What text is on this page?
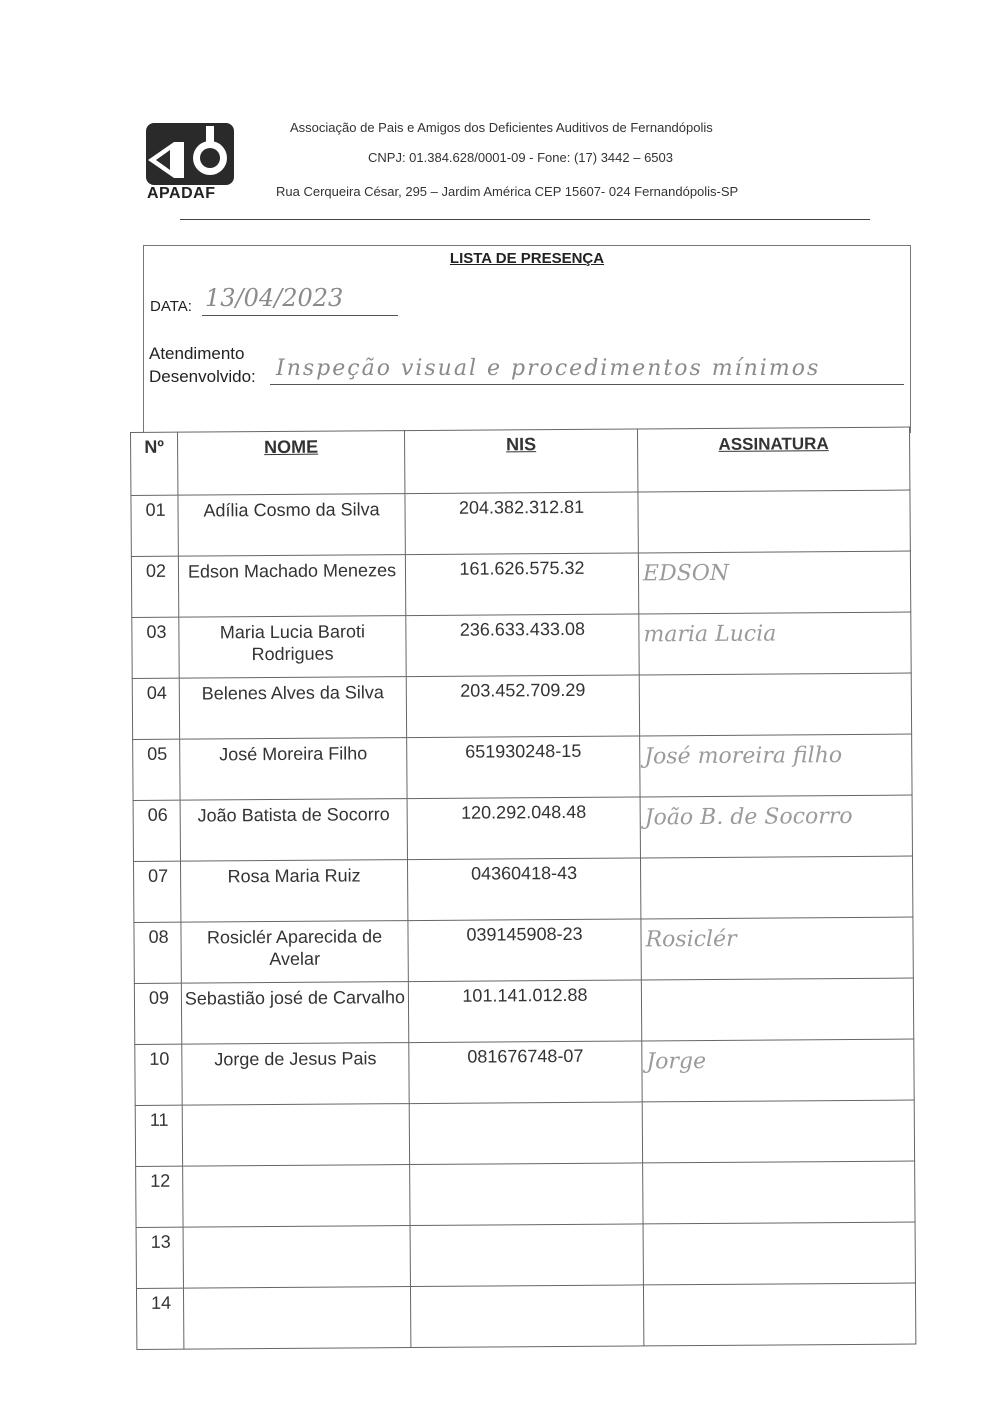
APADAF
Associação de Pais e Amigos dos Deficientes Auditivos de Fernandópolis
CNPJ: 01.384.628/0001-09 - Fone: (17) 3442 – 6503
Rua Cerqueira César, 295 – Jardim América CEP 15607- 024 Fernandópolis-SP
LISTA DE PRESENÇA
DATA: 13/04/2023
Atendimento
Desenvolvido: Inspeção visual e procedimentos mínimos
Nº	NOME	NIS	ASSINATURA
01	Adília Cosmo da Silva	204.382.312.81	

02	Edson Machado Menezes	161.626.575.32	EDSON

03	Maria Lucia Baroti Rodrigues	236.633.433.08	maria Lucia

04	Belenes Alves da Silva	203.452.709.29	

05	José Moreira Filho	651930248-15	José moreira filho

06	João Batista de Socorro	120.292.048.48	João B. de Socorro

07	Rosa Maria Ruiz	04360418-43	

08	Rosiclér Aparecida de Avelar	039145908-23	Rosiclér

09	Sebastião josé de Carvalho	101.141.012.88	

10	Jorge de Jesus Pais	081676748-07	Jorge

11			

12			

13			

14			
